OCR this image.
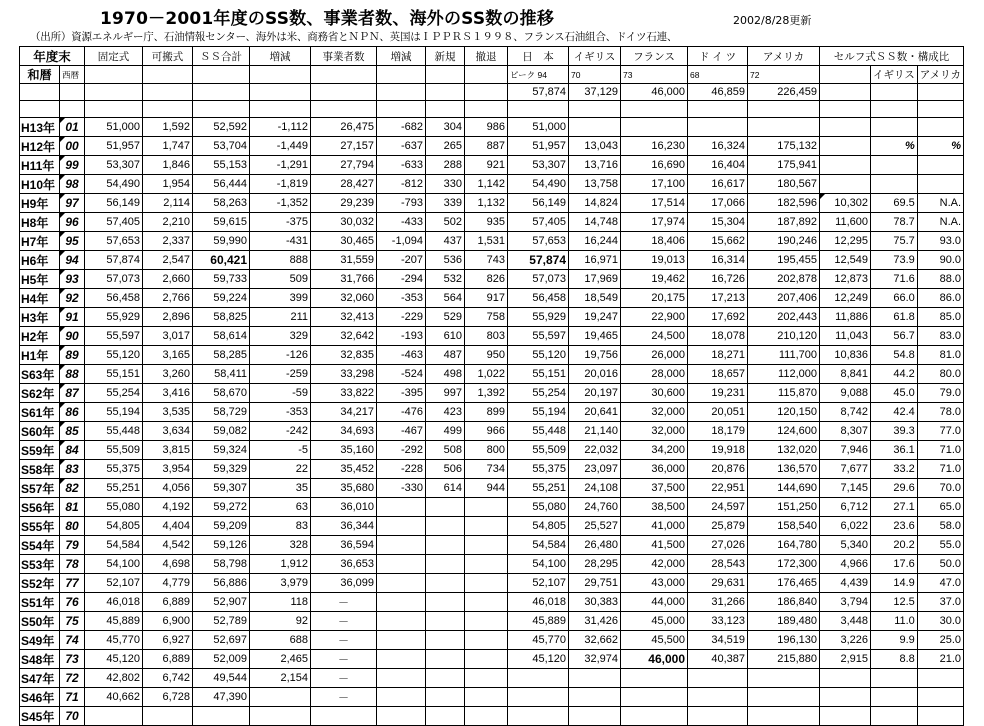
1970－2001年度のSS数、事業者数、海外のSS数の推移	2002/8/28更新
（出所）資源エネルギー庁、石油情報センター、海外は米、商務省とＮＰＮ、英国はＩＰＰＲＳ１９９８、フランス石油組合、ドイツ石連、
年度末		固定式	可搬式	ＳＳ合計	増減	事業者数	増減	新規	撤退	日　本	イギリス	フランス	ド イ ツ	アメリカ	セルフ式ＳＳ数・構成比		
和暦	西暦									ピーク 94	70	73	68	72		イギリス	アメリカ
										57,874	37,129	46,000	46,859	226,459			

H13年	01	51,000	1,592	52,592	-1,112	26,475	-682	304	986	51,000							
H12年	00	51,957	1,747	53,704	-1,449	27,157	-637	265	887	51,957	13,043	16,230	16,324	175,132		%	%
H11年	99	53,307	1,846	55,153	-1,291	27,794	-633	288	921	53,307	13,716	16,690	16,404	175,941			
H10年	98	54,490	1,954	56,444	-1,819	28,427	-812	330	1,142	54,490	13,758	17,100	16,617	180,567			
H9年	97	56,149	2,114	58,263	-1,352	29,239	-793	339	1,132	56,149	14,824	17,514	17,066	182,596	10,302	69.5	N.A.
H8年	96	57,405	2,210	59,615	-375	30,032	-433	502	935	57,405	14,748	17,974	15,304	187,892	11,600	78.7	N.A.
H7年	95	57,653	2,337	59,990	-431	30,465	-1,094	437	1,531	57,653	16,244	18,406	15,662	190,246	12,295	75.7	93.0
H6年	94	57,874	2,547	60,421	888	31,559	-207	536	743	57,874	16,971	19,013	16,314	195,455	12,549	73.9	90.0
H5年	93	57,073	2,660	59,733	509	31,766	-294	532	826	57,073	17,969	19,462	16,726	202,878	12,873	71.6	88.0
H4年	92	56,458	2,766	59,224	399	32,060	-353	564	917	56,458	18,549	20,175	17,213	207,406	12,249	66.0	86.0
H3年	91	55,929	2,896	58,825	211	32,413	-229	529	758	55,929	19,247	22,900	17,692	202,443	11,886	61.8	85.0
H2年	90	55,597	3,017	58,614	329	32,642	-193	610	803	55,597	19,465	24,500	18,078	210,120	11,043	56.7	83.0
H1年	89	55,120	3,165	58,285	-126	32,835	-463	487	950	55,120	19,756	26,000	18,271	111,700	10,836	54.8	81.0
S63年	88	55,151	3,260	58,411	-259	33,298	-524	498	1,022	55,151	20,016	28,000	18,657	112,000	8,841	44.2	80.0
S62年	87	55,254	3,416	58,670	-59	33,822	-395	997	1,392	55,254	20,197	30,600	19,231	115,870	9,088	45.0	79.0
S61年	86	55,194	3,535	58,729	-353	34,217	-476	423	899	55,194	20,641	32,000	20,051	120,150	8,742	42.4	78.0
S60年	85	55,448	3,634	59,082	-242	34,693	-467	499	966	55,448	21,140	32,000	18,179	124,600	8,307	39.3	77.0
S59年	84	55,509	3,815	59,324	-5	35,160	-292	508	800	55,509	22,032	34,200	19,918	132,020	7,946	36.1	71.0
S58年	83	55,375	3,954	59,329	22	35,452	-228	506	734	55,375	23,097	36,000	20,876	136,570	7,677	33.2	71.0
S57年	82	55,251	4,056	59,307	35	35,680	-330	614	944	55,251	24,108	37,500	22,951	144,690	7,145	29.6	70.0
S56年	81	55,080	4,192	59,272	63	36,010				55,080	24,760	38,500	24,597	151,250	6,712	27.1	65.0
S55年	80	54,805	4,404	59,209	83	36,344				54,805	25,527	41,000	25,879	158,540	6,022	23.6	58.0
S54年	79	54,584	4,542	59,126	328	36,594				54,584	26,480	41,500	27,026	164,780	5,340	20.2	55.0
S53年	78	54,100	4,698	58,798	1,912	36,653				54,100	28,295	42,000	28,543	172,300	4,966	17.6	50.0
S52年	77	52,107	4,779	56,886	3,979	36,099				52,107	29,751	43,000	29,631	176,465	4,439	14.9	47.0
S51年	76	46,018	6,889	52,907	118	－				46,018	30,383	44,000	31,266	186,840	3,794	12.5	37.0
S50年	75	45,889	6,900	52,789	92	－				45,889	31,426	45,000	33,123	189,480	3,448	11.0	30.0
S49年	74	45,770	6,927	52,697	688	－				45,770	32,662	45,500	34,519	196,130	3,226	9.9	25.0
S48年	73	45,120	6,889	52,009	2,465	－				45,120	32,974	46,000	40,387	215,880	2,915	8.8	21.0
S47年	72	42,802	6,742	49,544	2,154	－											
S46年	71	40,662	6,728	47,390		－											
S45年	70																
